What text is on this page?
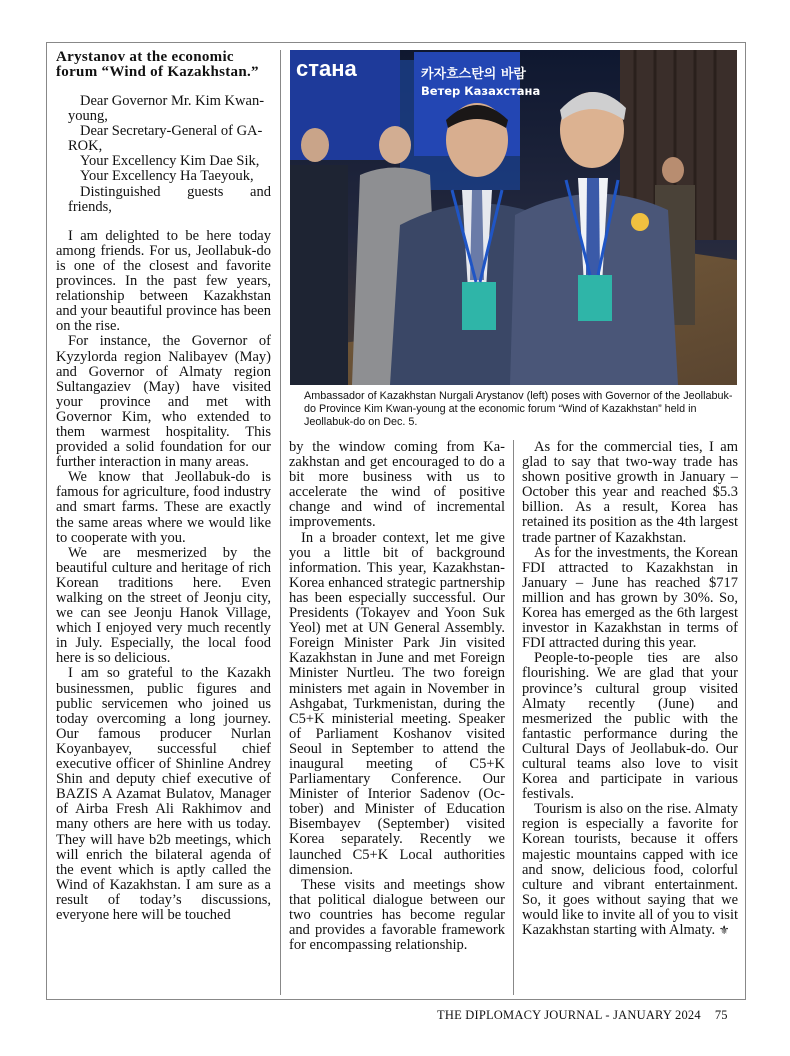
Arystanov at the economic forum “Wind of Kazakhstan.”

Dear Governor Mr. Kim Kwan-young,

Dear Secretary-General of GA-ROK,

Your Excellency Kim Dae Sik,

Your Excellency Ha Taeyouk,

Distinguished guests and friends,

I am delighted to be here today among friends. For us, Jeollabuk-do is one of the closest and favorite provinces. In the past few years, relationship between Kazakhstan and your beautiful province has been on the rise.

For instance, the Governor of Kyzylorda region Nalibayev (May) and Governor of Almaty region Sultangaziev (May) have visited your province and met with Governor Kim, who extended to them warmest hospitality. This provided a solid foundation for our further interaction in many areas.

We know that Jeollabuk-do is famous for agriculture, food industry and smart farms. These are exactly the same areas where we would like to cooperate with you.

We are mesmerized by the beautiful culture and heritage of rich Korean traditions here. Even walking on the street of Jeonju city, we can see Jeonju Hanok Village, which I enjoyed very much recently in July. Especially, the local food here is so delicious.

I am so grateful to the Kazakh businessmen, public figures and public servicemen who joined us today overcoming a long journey. Our famous producer Nurlan Koyanbayev, successful chief executive officer of Shinline Andrey Shin and deputy chief executive of BAZIS A Azamat Bulatov, Manager of Airba Fresh Ali Rakhimov and many others are here with us today. They will have b2b meetings, which will enrich the bilateral agenda of the event which is aptly called the Wind of Kazakhstan. I am sure as a result of today’s discussions, everyone here will be touched

стана	카자흐스탄의 바람
Ветер Казахстана
Ambassador of Kazakhstan Nurgali Arystanov (left) poses with Governor of the Jeollabuk-do Province Kim Kwan-young at the economic forum “Wind of Kazakhstan” held in Jeollabuk-do on Dec. 5.

by the window coming from Kazakhstan and get encouraged to do a bit more business with us to accelerate the wind of positive change and wind of incremental improvements.

In a broader context, let me give you a little bit of background information. This year, Kazakhstan-Korea enhanced strategic partnership has been especially successful. Our Presidents (Tokayev and Yoon Suk Yeol) met at UN General Assembly. Foreign Minister Park Jin visited Kazakhstan in June and met Foreign Minister Nurtleu. The two foreign ministers met again in November in Ashgabat, Turkmenistan, during the C5+K ministerial meeting. Speaker of Parliament Koshanov visited Seoul in September to attend the inaugural meeting of C5+K Parliamentary Conference. Our Minister of Interior Sadenov (October) and Minister of Education Bisembayev (September) visited Korea separately. Recently we launched C5+K Local authorities dimension.

These visits and meetings show that political dialogue between our two countries has become regular and provides a favorable framework for encompassing relationship.

As for the commercial ties, I am glad to say that two-way trade has shown positive growth in January – October this year and reached $5.3 billion. As a result, Korea has retained its position as the 4th largest trade partner of Kazakhstan.

As for the investments, the Korean FDI attracted to Kazakhstan in January – June has reached $717 million and has grown by 30%. So, Korea has emerged as the 6th largest investor in Kazakhstan in terms of FDI attracted during this year.

People-to-people ties are also flourishing. We are glad that your province’s cultural group visited Almaty recently (June) and mesmerized the public with the fantastic performance during the Cultural Days of Jeollabuk-do. Our cultural teams also love to visit Korea and participate in various festivals.

Tourism is also on the rise. Almaty region is especially a favorite for Korean tourists, because it offers majestic mountains capped with ice and snow, delicious food, colorful culture and vibrant entertainment. So, it goes without saying that we would like to invite all of you to visit Kazakhstan starting with Almaty. ⚜

THE DIPLOMACY JOURNAL - JANUARY 2024 75
